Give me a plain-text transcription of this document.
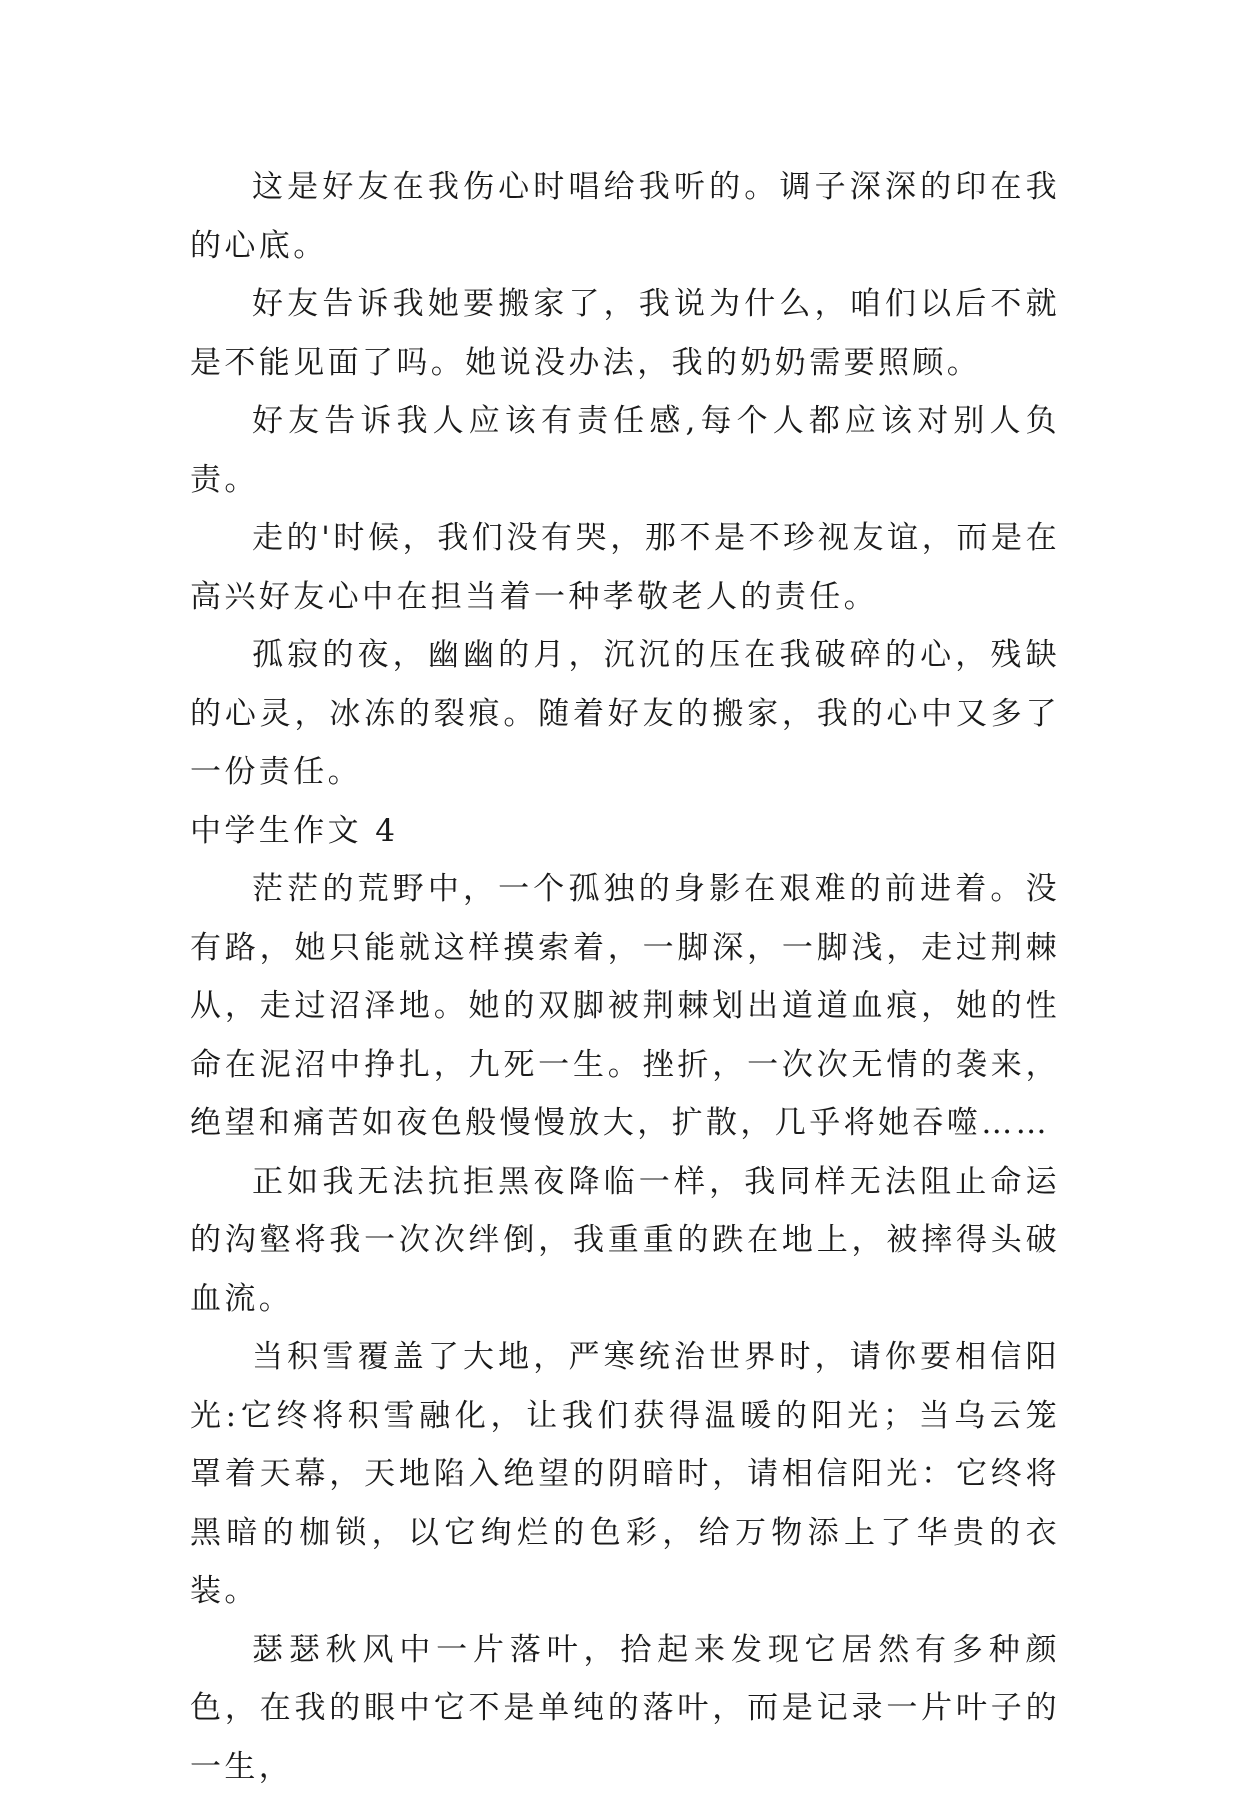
这是好友在我伤心时唱给我听的。调子深深的印在我的心底。

好友告诉我她要搬家了，我说为什么，咱们以后不就是不能见面了吗。她说没办法，我的奶奶需要照顾。

好友告诉我人应该有责任感,每个人都应该对别人负责。

走的'时候，我们没有哭，那不是不珍视友谊，而是在高兴好友心中在担当着一种孝敬老人的责任。

孤寂的夜，幽幽的月，沉沉的压在我破碎的心，残缺的心灵，冰冻的裂痕。随着好友的搬家，我的心中又多了一份责任。

中学生作文 4

茫茫的荒野中，一个孤独的身影在艰难的前进着。没有路，她只能就这样摸索着，一脚深，一脚浅，走过荆棘从，走过沼泽地。她的双脚被荆棘划出道道血痕，她的性命在泥沼中挣扎，九死一生。挫折，一次次无情的袭来，绝望和痛苦如夜色般慢慢放大，扩散，几乎将她吞噬……

正如我无法抗拒黑夜降临一样，我同样无法阻止命运的沟壑将我一次次绊倒，我重重的跌在地上，被摔得头破血流。

当积雪覆盖了大地，严寒统治世界时，请你要相信阳光:它终将积雪融化，让我们获得温暖的阳光；当乌云笼罩着天幕，天地陷入绝望的阴暗时，请相信阳光：它终将黑暗的枷锁，以它绚烂的色彩，给万物添上了华贵的衣装。

瑟瑟秋风中一片落叶，拾起来发现它居然有多种颜色，在我的眼中它不是单纯的落叶，而是记录一片叶子的一生，
